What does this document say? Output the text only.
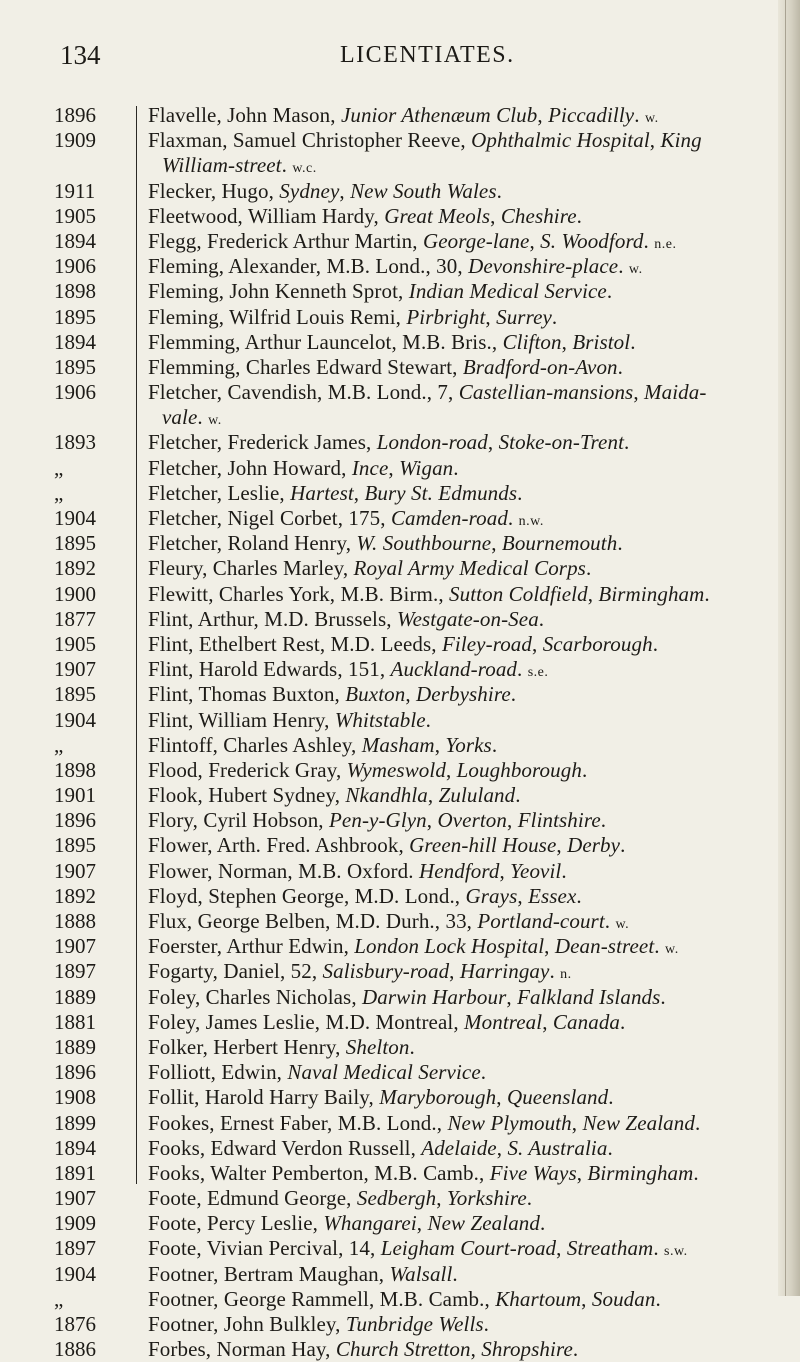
134	LICENTIATES.
1896
1909
1911
1905
1894
1906
1898
1895
1894
1895
1906
1893
„
„
1904
1895
1892
1900
1877
1905
1907
1895
1904
„
1898
1901
1896
1895
1907
1892
1888
1907
1897
1889
1881
1889
1896
1908
1899
1894
1891
1907
1909
1897
1904
„
1876
1886
Flavelle, John Mason, Junior Athenæum Club, Piccadilly. w.
Flaxman, Samuel Christopher Reeve, Ophthalmic Hospital, King
William-street. w.c.
Flecker, Hugo, Sydney, New South Wales.
Fleetwood, William Hardy, Great Meols, Cheshire.
Flegg, Frederick Arthur Martin, George-lane, S. Woodford. n.e.
Fleming, Alexander, M.B. Lond., 30, Devonshire-place. w.
Fleming, John Kenneth Sprot, Indian Medical Service.
Fleming, Wilfrid Louis Remi, Pirbright, Surrey.
Flemming, Arthur Launcelot, M.B. Bris., Clifton, Bristol.
Flemming, Charles Edward Stewart, Bradford-on-Avon.
Fletcher, Cavendish, M.B. Lond., 7, Castellian-mansions, Maida-
vale. w.
Fletcher, Frederick James, London-road, Stoke-on-Trent.
Fletcher, John Howard, Ince, Wigan.
Fletcher, Leslie, Hartest, Bury St. Edmunds.
Fletcher, Nigel Corbet, 175, Camden-road. n.w.
Fletcher, Roland Henry, W. Southbourne, Bournemouth.
Fleury, Charles Marley, Royal Army Medical Corps.
Flewitt, Charles York, M.B. Birm., Sutton Coldfield, Birmingham.
Flint, Arthur, M.D. Brussels, Westgate-on-Sea.
Flint, Ethelbert Rest, M.D. Leeds, Filey-road, Scarborough.
Flint, Harold Edwards, 151, Auckland-road. s.e.
Flint, Thomas Buxton, Buxton, Derbyshire.
Flint, William Henry, Whitstable.
Flintoff, Charles Ashley, Masham, Yorks.
Flood, Frederick Gray, Wymeswold, Loughborough.
Flook, Hubert Sydney, Nkandhla, Zululand.
Flory, Cyril Hobson, Pen-y-Glyn, Overton, Flintshire.
Flower, Arth. Fred. Ashbrook, Green-hill House, Derby.
Flower, Norman, M.B. Oxford. Hendford, Yeovil.
Floyd, Stephen George, M.D. Lond., Grays, Essex.
Flux, George Belben, M.D. Durh., 33, Portland-court. w.
Foerster, Arthur Edwin, London Lock Hospital, Dean-street. w.
Fogarty, Daniel, 52, Salisbury-road, Harringay. n.
Foley, Charles Nicholas, Darwin Harbour, Falkland Islands.
Foley, James Leslie, M.D. Montreal, Montreal, Canada.
Folker, Herbert Henry, Shelton.
Folliott, Edwin, Naval Medical Service.
Follit, Harold Harry Baily, Maryborough, Queensland.
Fookes, Ernest Faber, M.B. Lond., New Plymouth, New Zealand.
Fooks, Edward Verdon Russell, Adelaide, S. Australia.
Fooks, Walter Pemberton, M.B. Camb., Five Ways, Birmingham.
Foote, Edmund George, Sedbergh, Yorkshire.
Foote, Percy Leslie, Whangarei, New Zealand.
Foote, Vivian Percival, 14, Leigham Court-road, Streatham. s.w.
Footner, Bertram Maughan, Walsall.
Footner, George Rammell, M.B. Camb., Khartoum, Soudan.
Footner, John Bulkley, Tunbridge Wells.
Forbes, Norman Hay, Church Stretton, Shropshire.
